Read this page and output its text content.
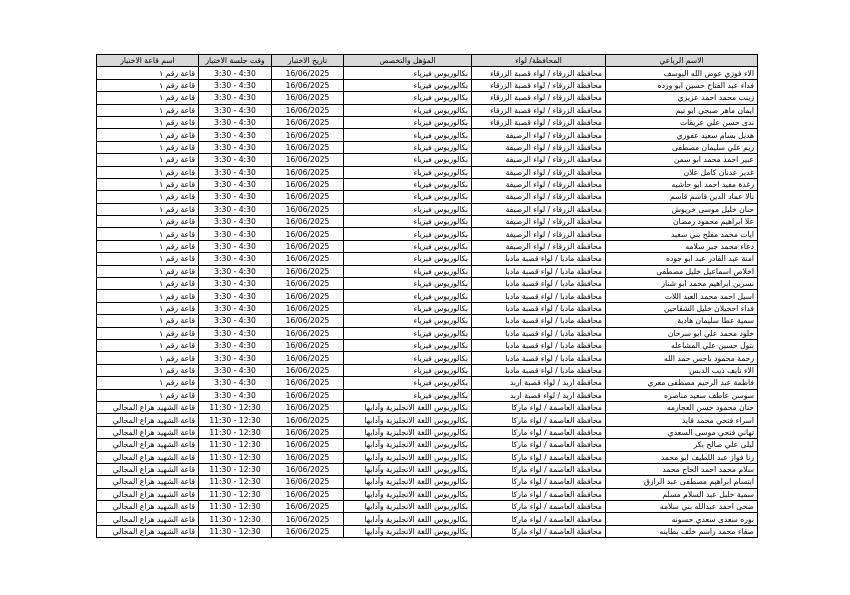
الاسم الرباعي	المحافظة/ لواء	المؤهل والتخصص	تاريخ الاختبار	وقت جلسة الاختبار	اسم قاعة الاختبار
الاء فوزي عوض الله اليوسف	محافظة الزرقاء / لواء قصبة الزرقاء	بكالوريوس فيزياء	16/06/2025	3:30 - 4:30	قاعة رقم ١
فداء عبد الفتاح حسين ابو ورده	محافظة الزرقاء / لواء قصبة الزرقاء	بكالوريوس فيزياء	16/06/2025	3:30 - 4:30	قاعة رقم ١
زينب محمد احمد عزيزي	محافظة الزرقاء / لواء قصبة الزرقاء	بكالوريوس فيزياء	16/06/2025	3:30 - 4:30	قاعة رقم ١
ايمان ماهر صبحي ابو تيم	محافظة الزرقاء / لواء قصبة الزرقاء	بكالوريوس فيزياء	16/06/2025	3:30 - 4:30	قاعة رقم ١
ندى حسن علي عريقات	محافظة الزرقاء / لواء قصبة الزرقاء	بكالوريوس فيزياء	16/06/2025	3:30 - 4:30	قاعة رقم ١
هديل بسام سعيد عفوري	محافظة الزرقاء / لواء الرصيفة	بكالوريوس فيزياء	16/06/2025	3:30 - 4:30	قاعة رقم ١
ريم علي سليمان مصطفى	محافظة الزرقاء / لواء الرصيفة	بكالوريوس فيزياء	16/06/2025	3:30 - 4:30	قاعة رقم ١
عبير احمد محمد ابو سمن	محافظة الزرقاء / لواء الرصيفة	بكالوريوس فيزياء	16/06/2025	3:30 - 4:30	قاعة رقم ١
غدير عدنان كامل علان	محافظة الزرقاء / لواء الرصيفة	بكالوريوس فيزياء	16/06/2025	3:30 - 4:30	قاعة رقم ١
رغدة مفيد احمد ابو حاشيه	محافظة الزرقاء / لواء الرصيفة	بكالوريوس فيزياء	16/06/2025	3:30 - 4:30	قاعة رقم ١
نالا عماد الدين قاسم قاسم	محافظة الزرقاء / لواء الرصيفة	بكالوريوس فيزياء	16/06/2025	3:30 - 4:30	قاعة رقم ١
حنان خليل موسى خريوش	محافظة الزرقاء / لواء الرصيفة	بكالوريوس فيزياء	16/06/2025	3:30 - 4:30	قاعة رقم ١
علا ابراهيم محمود رمضان	محافظة الزرقاء / لواء الرصيفة	بكالوريوس فيزياء	16/06/2025	3:30 - 4:30	قاعة رقم ١
ايات محمد مفلح بني سعيد	محافظة الزرقاء / لواء الرصيفة	بكالوريوس فيزياء	16/06/2025	3:30 - 4:30	قاعة رقم ١
دعاء محمد جبر سلامه	محافظة الزرقاء / لواء الرصيفة	بكالوريوس فيزياء	16/06/2025	3:30 - 4:30	قاعة رقم ١
امنة عبد القادر عبد ابو جوده	محافظة مادبا / لواء قصبة مادبا	بكالوريوس فيزياء	16/06/2025	3:30 - 4:30	قاعة رقم ١
اخلاص اسماعيل خليل مصطفى	محافظة مادبا / لواء قصبة مادبا	بكالوريوس فيزياء	16/06/2025	3:30 - 4:30	قاعة رقم ١
نسرين ابراهيم محمد ابو شنار	محافظة مادبا / لواء قصبة مادبا	بكالوريوس فيزياء	16/06/2025	3:30 - 4:30	قاعة رقم ١
اسيل احمد محمد العبد اللات	محافظة مادبا / لواء قصبة مادبا	بكالوريوس فيزياء	16/06/2025	3:30 - 4:30	قاعة رقم ١
فداء احجيلان خليل الشقاحين	محافظة مادبا / لواء قصبة مادبا	بكالوريوس فيزياء	16/06/2025	3:30 - 4:30	قاعة رقم ١
سمية عطا سليمان هادية	محافظة مادبا / لواء قصبة مادبا	بكالوريوس فيزياء	16/06/2025	3:30 - 4:30	قاعة رقم ١
خلود محمد علي ابو سرحان	محافظة مادبا / لواء قصبة مادبا	بكالوريوس فيزياء	16/06/2025	3:30 - 4:30	قاعة رقم ١
بتول حسين علي المشاعله	محافظة مادبا / لواء قصبة مادبا	بكالوريوس فيزياء	16/06/2025	3:30 - 4:30	قاعة رقم ١
رحمة محمود ناجس حمد الله	محافظة مادبا / لواء قصبة مادبا	بكالوريوس فيزياء	16/06/2025	3:30 - 4:30	قاعة رقم ١
الاء نايف ذيب الدبس	محافظة مادبا / لواء قصبة مادبا	بكالوريوس فيزياء	16/06/2025	3:30 - 4:30	قاعة رقم ١
فاطمة عبد الرحيم مصطفى معري	محافظة اربد / لواء قصبة اربد	بكالوريوس فيزياء	16/06/2025	3:30 - 4:30	قاعة رقم ١
سوسن عاطف سعيد مناصره	محافظة اربد / لواء قصبة اربد	بكالوريوس فيزياء	16/06/2025	3:30 - 4:30	قاعة رقم ١
حنان محمود حسن العجارمه	محافظة العاصمة / لواء ماركا	بكالوريوس اللغة الانجليزية وآدابها	16/06/2025	11:30 - 12:30	قاعة الشهيد هزاع المجالي
اسراء فتحي محمد قايد	محافظة العاصمة / لواء ماركا	بكالوريوس اللغة الانجليزية وآدابها	16/06/2025	11:30 - 12:30	قاعة الشهيد هزاع المجالي
تهاني فتحي موسى السعدي	محافظة العاصمة / لواء ماركا	بكالوريوس اللغة الانجليزية وآدابها	16/06/2025	11:30 - 12:30	قاعة الشهيد هزاع المجالي
ليلى علي صالح بكر	محافظة العاصمة / لواء ماركا	بكالوريوس اللغة الانجليزية وآدابها	16/06/2025	11:30 - 12:30	قاعة الشهيد هزاع المجالي
رنا فواز عبد اللطيف ابو محمد	محافظة العاصمة / لواء ماركا	بكالوريوس اللغة الانجليزية وآدابها	16/06/2025	11:30 - 12:30	قاعة الشهيد هزاع المجالي
سلام محمد احمد الحاج محمد	محافظة العاصمة / لواء ماركا	بكالوريوس اللغة الانجليزية وآدابها	16/06/2025	11:30 - 12:30	قاعة الشهيد هزاع المجالي
ابتسام ابراهيم مصطفى عبد الرازق	محافظة العاصمة / لواء ماركا	بكالوريوس اللغة الانجليزية وآدابها	16/06/2025	11:30 - 12:30	قاعة الشهيد هزاع المجالي
سمية خليل عبد السلام مسلم	محافظة العاصمة / لواء ماركا	بكالوريوس اللغة الانجليزية وآدابها	16/06/2025	11:30 - 12:30	قاعة الشهيد هزاع المجالي
ضحى احمد عبدالله بني سلامه	محافظة العاصمة / لواء ماركا	بكالوريوس اللغة الانجليزية وآدابها	16/06/2025	11:30 - 12:30	قاعة الشهيد هزاع المجالي
نوره سعدى سعدي حسونه	محافظة العاصمة / لواء ماركا	بكالوريوس اللغة الانجليزية وآدابها	16/06/2025	11:30 - 12:30	قاعة الشهيد هزاع المجالي
صفاء محمد راسم خلف بطاينه	محافظة العاصمة / لواء ماركا	بكالوريوس اللغة الانجليزية وآدابها	16/06/2025	11:30 - 12:30	قاعة الشهيد هزاع المجالي
